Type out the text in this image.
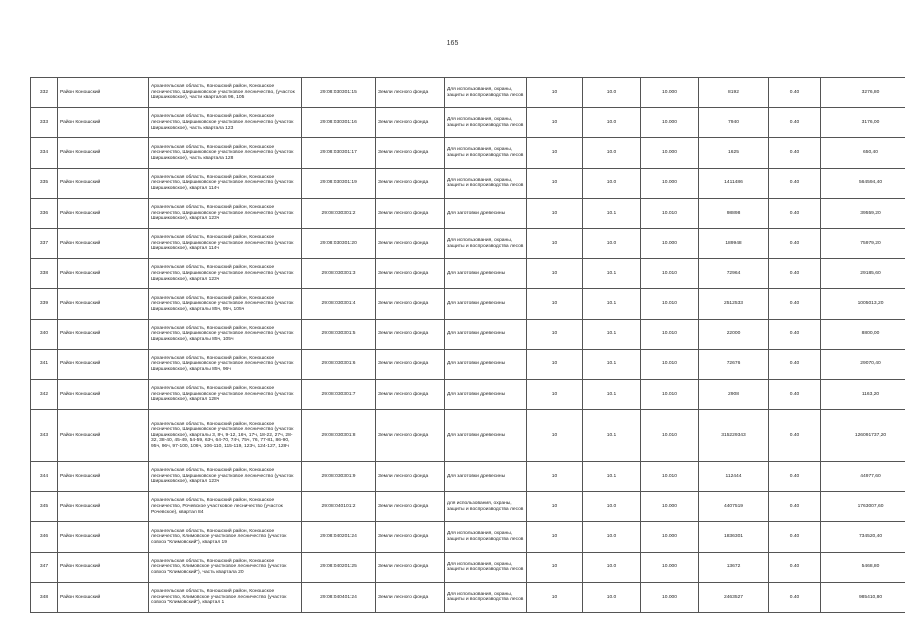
165
332	Район Коношский	Архангельская область, Коношский район, Коношское лесничество, Ширшиковское участковое лесничество, (участок Ширшиковское), части кварталов 96, 105	29:08:030301:15	Земли лесного фонда	Для использования, охраны, защиты и воспроизводства лесов	10	10.0	10.000	8192	0.40	3276,80
333	Район Коношский	Архангельская область, Коношский район, Коношское лесничество, Ширшиковское участковое лесничество (участок Ширшиковское), часть квартала 123	29:08:030301:16	Земли лесного фонда	Для использования, охраны, защиты и воспроизводства лесов	10	10.0	10.000	7940	0.40	3176,00
334	Район Коношский	Архангельская область, Коношский район, Коношское лесничество, Ширшиковское участковое лесничество (участок Ширшиковское), часть квартала 128	29:08:030301:17	Земли лесного фонда	Для использования, охраны, защиты и воспроизводства лесов	10	10.0	10.000	1625	0.40	650,40
335	Район Коношский	Архангельская область, Коношский район, Коношское лесничество, Ширшиковское участковое лесничество (участок Ширшиковское), квартал 114ч	29:08:030301:19	Земли лесного фонда	Для использования, охраны, защиты и воспроизводства лесов	10	10.0	10.000	1411486	0.40	564594,40
336	Район Коношский	Архангельская область, Коношский район, Коношское лесничество, Ширшиковское участковое лесничество (участок Ширшиковское), квартал 123ч	29:08:030301:2	Земли лесного фонда	Для заготовки древесины	10	10.1	10.010	98898	0.40	39559,20
337	Район Коношский	Архангельская область, Коношский район, Коношское лесничество, Ширшиковское участковое лесничество (участок Ширшиковское), квартал 114ч	29:08:030301:20	Земли лесного фонда	Для использования, охраны, защиты и воспроизводства лесов	10	10.0	10.000	189948	0.40	75979,20
338	Район Коношский	Архангельская область, Коношский район, Коношское лесничество, Ширшиковское участковое лесничество (участок Ширшиковское), квартал 123ч	29:08:030301:3	Земли лесного фонда	Для заготовки древесины	10	10.1	10.010	72964	0.40	29185,60
339	Район Коношский	Архангельская область, Коношский район, Коношское лесничество, Ширшиковское участковое лесничество (участок Ширшиковское), кварталы 85ч, 95ч, 105ч	29:08:030301:4	Земли лесного фонда	Для заготовки древесины	10	10.1	10.010	2512533	0.40	1005013,20
340	Район Коношский	Архангельская область, Коношский район, Коношское лесничество, Ширшиковское участковое лесничество (участок Ширшиковское), кварталы 85ч, 105ч	29:08:030301:5	Земли лесного фонда	Для заготовки древесины	10	10.1	10.010	22000	0.40	8800,00
341	Район Коношский	Архангельская область, Коношский район, Коношское лесничество, Ширшиковское участковое лесничество (участок Ширшиковское), кварталы 85ч, 96ч	29:08:030301:6	Земли лесного фонда	Для заготовки древесины	10	10.1	10.010	72676	0.40	29070,40
342	Район Коношский	Архангельская область, Коношский район, Коношское лесничество, Ширшиковское участковое лесничество (участок Ширшиковское), квартал 128ч	29:08:030301:7	Земли лесного фонда	Для заготовки древесины	10	10.1	10.010	2908	0.40	1163,20
343	Район Коношский	Архангельская область, Коношский район, Коношское лесничество, Ширшиковское участковое лесничество (участок Ширшиковское), кварталы 3, 8ч, 9-12, 16ч, 17ч, 18-22, 27ч, 28-32, 38-40, 45-49, 54-59, 63ч, 64-70, 74ч, 75ч, 76, 77-81, 86-90, 95ч, 96ч, 97-100, 106ч, 106-110, 115-119, 123ч, 124-127, 128ч	29:08:030301:8	Земли лесного фонда	Для заготовки древесины	10	10.1	10.010	315229343	0.40	126091737,20
344	Район Коношский	Архангельская область, Коношский район, Коношское лесничество, Ширшиковское участковое лесничество (участок Ширшиковское), квартал 123ч	29:08:030301:9	Земли лесного фонда	Для заготовки древесины	10	10.1	10.010	112444	0.40	44977,60
345	Район Коношский	Архангельская область, Коношский район, Коношское лесничество, Рочевское участковое лесничество (участок Рочевское), квартал 84	29:08:040101:2	Земли лесного фонда	для использования, охраны, защиты и воспроизводства лесов	10	10.0	10.000	4407519	0.40	1763007,60
346	Район Коношский	Архангельская область, Коношский район, Коношское лесничество, Климовское участковое лесничество (участок совхоз "Климовский"), квартал 19	29:08:040201:24	Земли лесного фонда	Для использования, охраны, защиты и воспроизводства лесов	10	10.0	10.000	1836301	0.40	734520,40
347	Район Коношский	Архангельская область, Коношский район, Коношское лесничество, Климовское участковое лесничество (участок совхоз "Климовский"), часть квартала 20	29:08:040201:25	Земли лесного фонда	Для использования, охраны, защиты и воспроизводства лесов	10	10.0	10.000	13672	0.40	5468,80
348	Район Коношский	Архангельская область, Коношский район, Коношское лесничество, Климовское участковое лесничество (участок совхоз "Климовский"), квартал 1	29:08:040401:24	Земли лесного фонда	Для использования, охраны, защиты и воспроизводства лесов	10	10.0	10.000	2463527	0.40	985410,80
